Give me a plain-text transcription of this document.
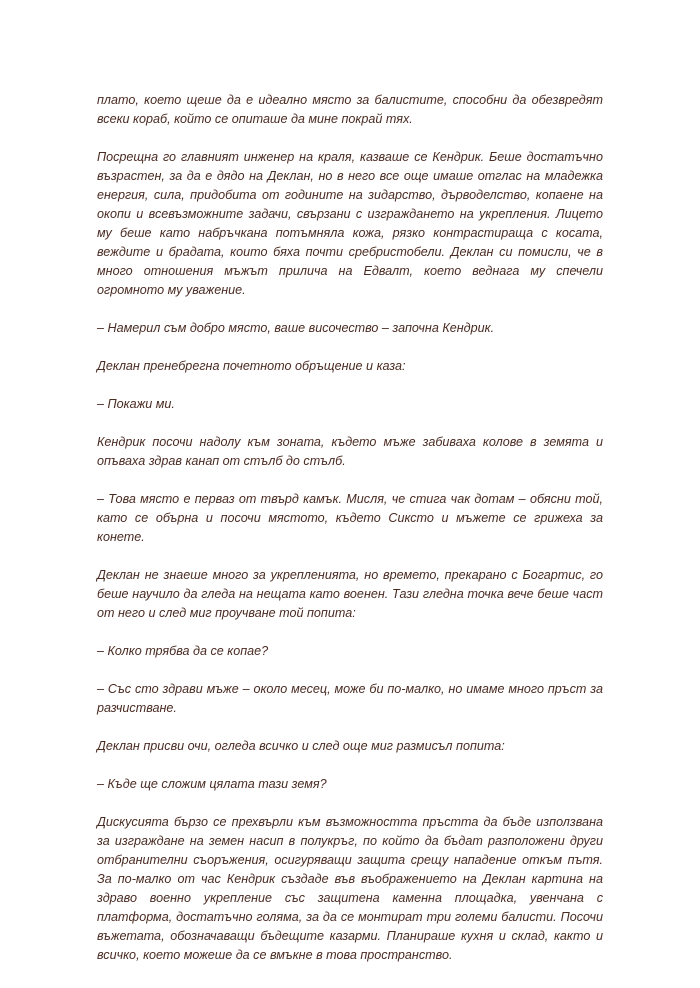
плато, което щеше да е идеално място за балистите, способни да обезвредят всеки кораб, който се опиташе да мине покрай тях.

Посрещна го главният инженер на краля, казваше се Кендрик. Беше достатъчно възрастен, за да е дядо на Деклан, но в него все още имаше отглас на младежка енергия, сила, придобита от годините на зидарство, дърводелство, копаене на окопи и всевъзможните задачи, свързани с изграждането на укрепления. Лицето му беше като набръчкана потъмняла кожа, рязко контрастираща с косата, веждите и брадата, които бяха почти сребристобели. Деклан си помисли, че в много отношения мъжът прилича на Едвалт, което веднага му спечели огромното му уважение.

– Намерил съм добро място, ваше височество – започна Кендрик.

Деклан пренебрегна почетното обръщение и каза:

– Покажи ми.

Кендрик посочи надолу към зоната, където мъже забиваха колове в земята и опъваха здрав канап от стълб до стълб.

– Това място е перваз от твърд камък. Мисля, че стига чак дотам – обясни той, като се обърна и посочи мястото, където Сиксто и мъжете се грижеха за конете.

Деклан не знаеше много за укрепленията, но времето, прекарано с Богартис, го беше научило да гледа на нещата като военен. Тази гледна точка вече беше част от него и след миг проучване той попита:

– Колко трябва да се копае?

– Със сто здрави мъже – около месец, може би по-малко, но имаме много пръст за разчистване.

Деклан присви очи, огледа всичко и след още миг размисъл попита:

– Къде ще сложим цялата тази земя?

Дискусията бързо се прехвърли към възможността пръстта да бъде използвана за изграждане на земен насип в полукръг, по който да бъдат разположени други отбранителни съоръжения, осигуряващи защита срещу нападение откъм пътя. За по-малко от час Кендрик създаде във въображението на Деклан картина на здраво военно укрепление със защитена каменна площадка, увенчана с платформа, достатъчно голяма, за да се монтират три големи балисти. Посочи въжетата, обозначаващи бъдещите казарми. Планираше кухня и склад, както и всичко, което можеше да се вмъкне в това пространство.
